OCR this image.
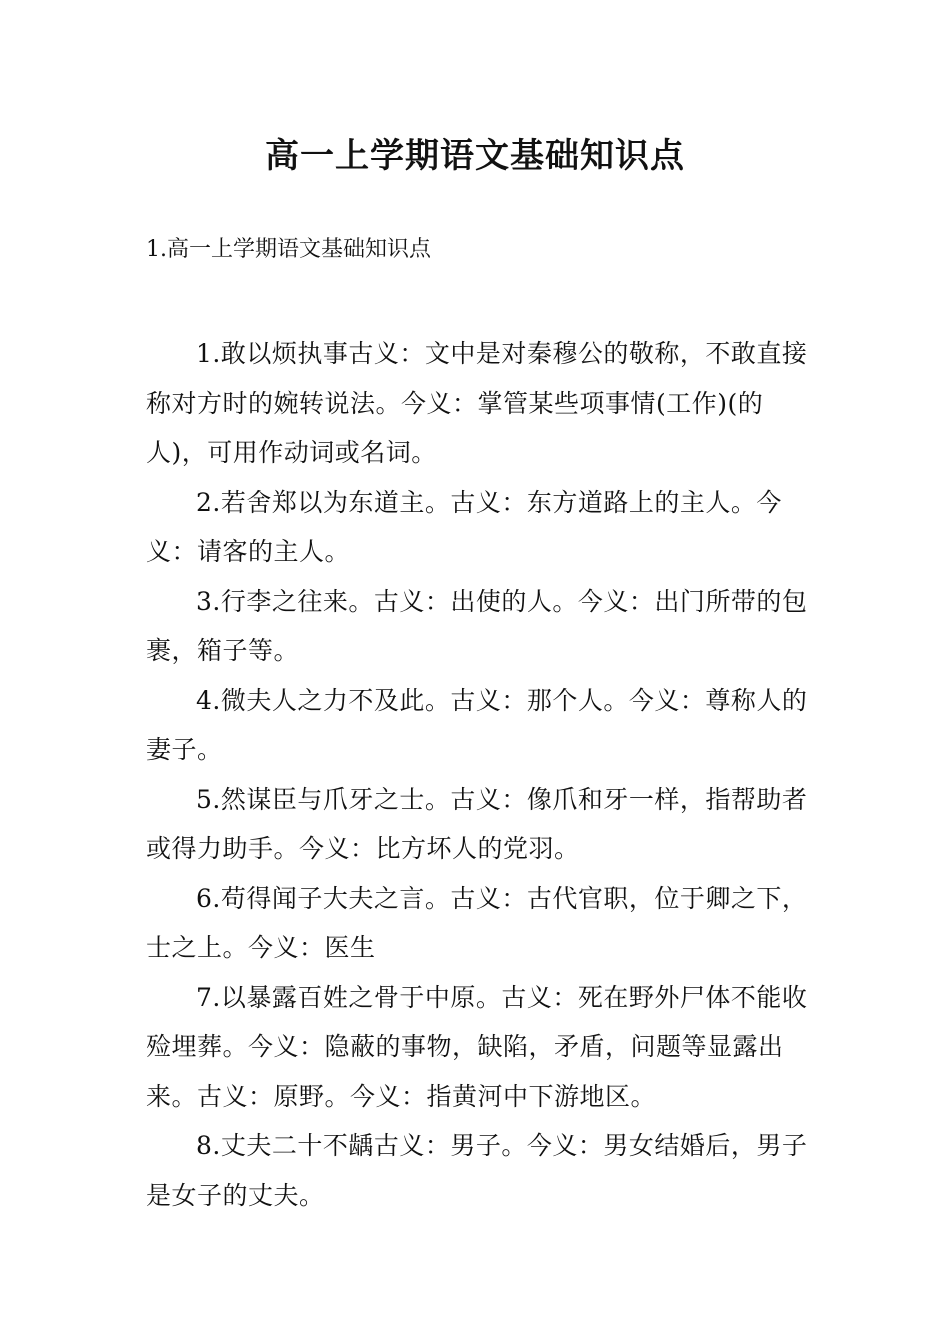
高一上学期语文基础知识点
1.高一上学期语文基础知识点

1.敢以烦执事古义：文中是对秦穆公的敬称，不敢直接称对方时的婉转说法。今义：掌管某些项事情(工作)(的人)，可用作动词或名词。

2.若舍郑以为东道主。古义：东方道路上的主人。今义：请客的主人。

3.行李之往来。古义：出使的人。今义：出门所带的包裹，箱子等。

4.微夫人之力不及此。古义：那个人。今义：尊称人的妻子。

5.然谋臣与爪牙之士。古义：像爪和牙一样，指帮助者或得力助手。今义：比方坏人的党羽。

6.苟得闻子大夫之言。古义：古代官职，位于卿之下，士之上。今义：医生

7.以暴露百姓之骨于中原。古义：死在野外尸体不能收殓埋葬。今义：隐蔽的事物，缺陷，矛盾，问题等显露出来。古义：原野。今义：指黄河中下游地区。

8.丈夫二十不龋古义：男子。今义：男女结婚后，男子是女子的丈夫。
